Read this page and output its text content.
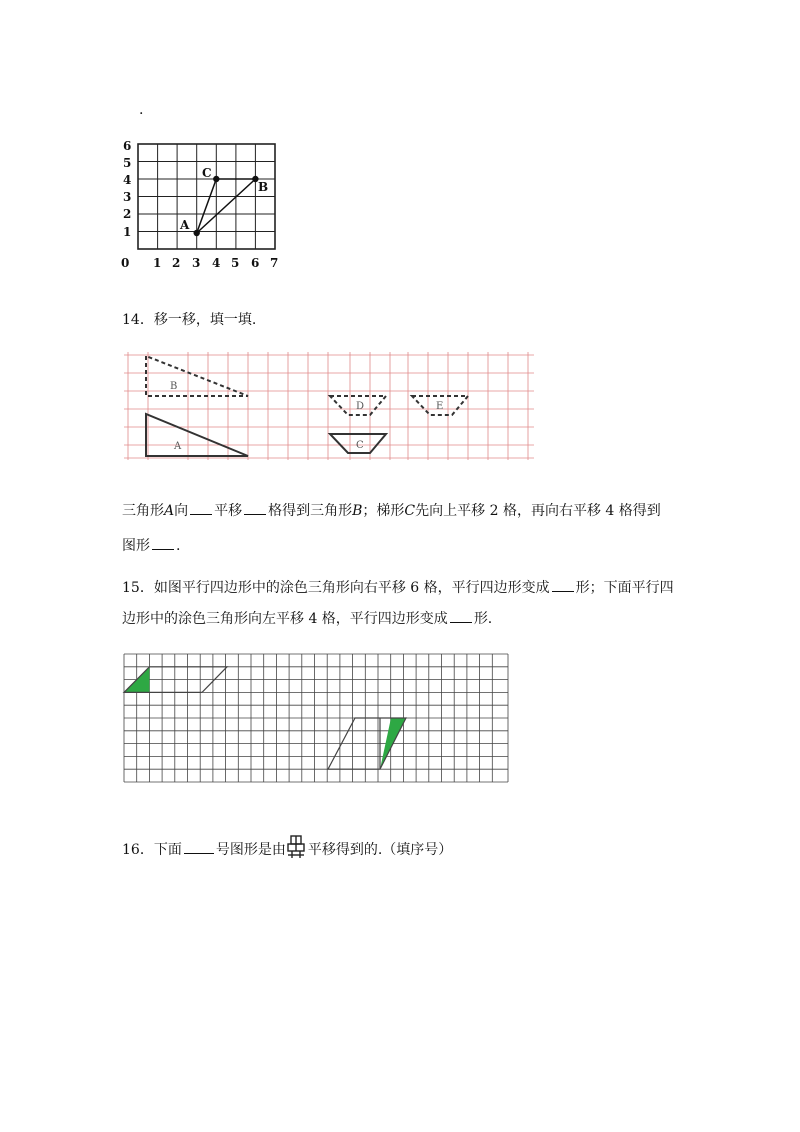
.
6
5
4
3
2
1
0 1 2 3 4 5 6 7
A
C
B
14．移一移，填一填.
B
A
D	E
C
三角形A向 平移 格得到三角形B；梯形C先向上平移 2 格，再向右平移 4 格得到
图形 .
15．如图平行四边形中的涂色三角形向右平移 6 格，平行四边形变成 形；下面平行四
边形中的涂色三角形向左平移 4 格，平行四边形变成 形.
16．下面 号图形是由 平移得到的.（填序号）
